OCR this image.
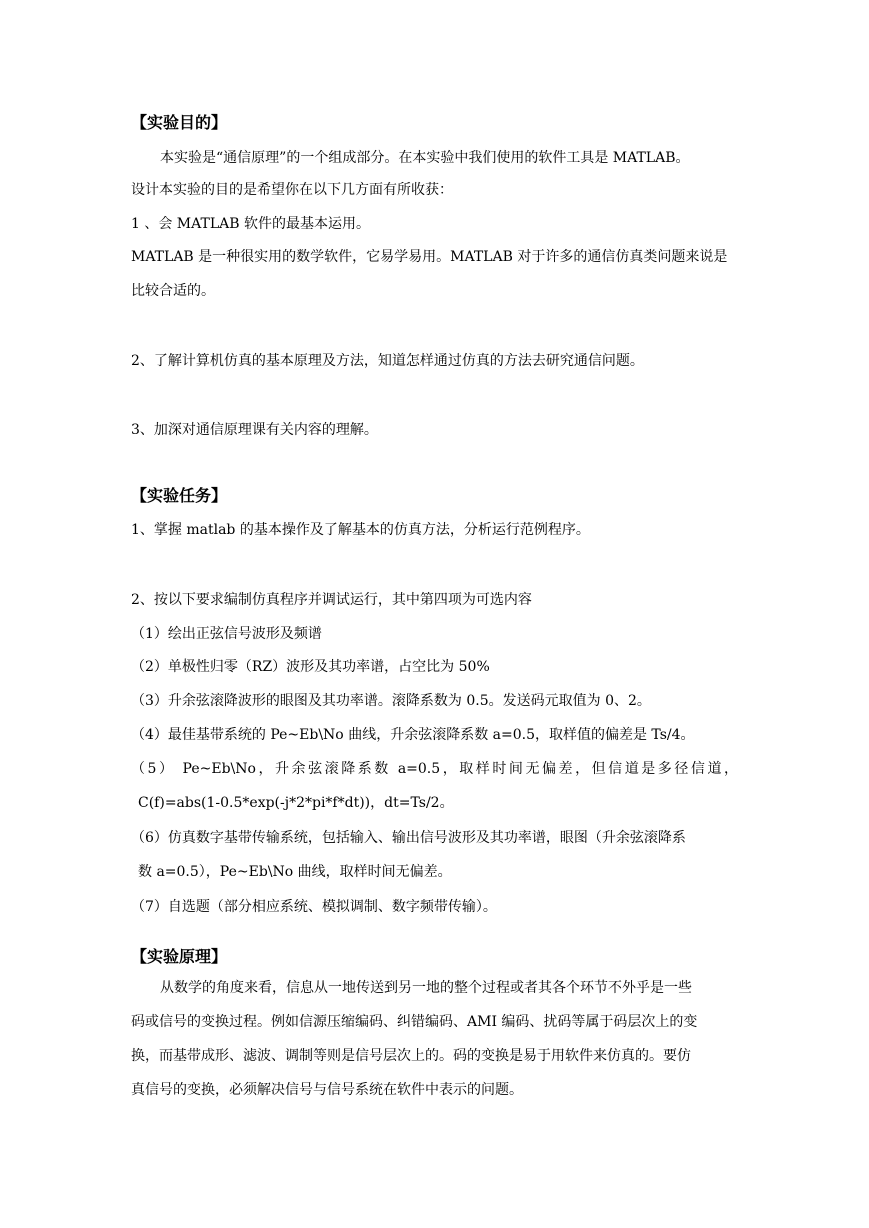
【实验目的】
本实验是“通信原理”的一个组成部分。在本实验中我们使用的软件工具是 MATLAB。
设计本实验的目的是希望你在以下几方面有所收获：
1 、会 MATLAB 软件的最基本运用。
MATLAB 是一种很实用的数学软件，它易学易用。MATLAB 对于许多的通信仿真类问题来说是
比较合适的。
2、了解计算机仿真的基本原理及方法，知道怎样通过仿真的方法去研究通信问题。
3、加深对通信原理课有关内容的理解。
【实验任务】
1、掌握 matlab 的基本操作及了解基本的仿真方法，分析运行范例程序。
2、按以下要求编制仿真程序并调试运行，其中第四项为可选内容
（1）绘出正弦信号波形及频谱
（2）单极性归零（RZ）波形及其功率谱，占空比为 50%
（3）升余弦滚降波形的眼图及其功率谱。滚降系数为 0.5。发送码元取值为 0、2。
（4）最佳基带系统的 Pe~Eb\No 曲线，升余弦滚降系数 a=0.5，取样值的偏差是 Ts/4。
（5） Pe~Eb\No，升余弦滚降系数 a=0.5，取样时间无偏差，但信道是多径信道，
C(f)=abs(1-0.5*exp(-j*2*pi*f*dt))，dt=Ts/2。
（6）仿真数字基带传输系统，包括输入、输出信号波形及其功率谱，眼图（升余弦滚降系
数 a=0.5），Pe~Eb\No 曲线，取样时间无偏差。
（7）自选题（部分相应系统、模拟调制、数字频带传输）。
【实验原理】
从数学的角度来看，信息从一地传送到另一地的整个过程或者其各个环节不外乎是一些
码或信号的变换过程。例如信源压缩编码、纠错编码、AMI 编码、扰码等属于码层次上的变
换，而基带成形、滤波、调制等则是信号层次上的。码的变换是易于用软件来仿真的。要仿
真信号的变换，必须解决信号与信号系统在软件中表示的问题。
